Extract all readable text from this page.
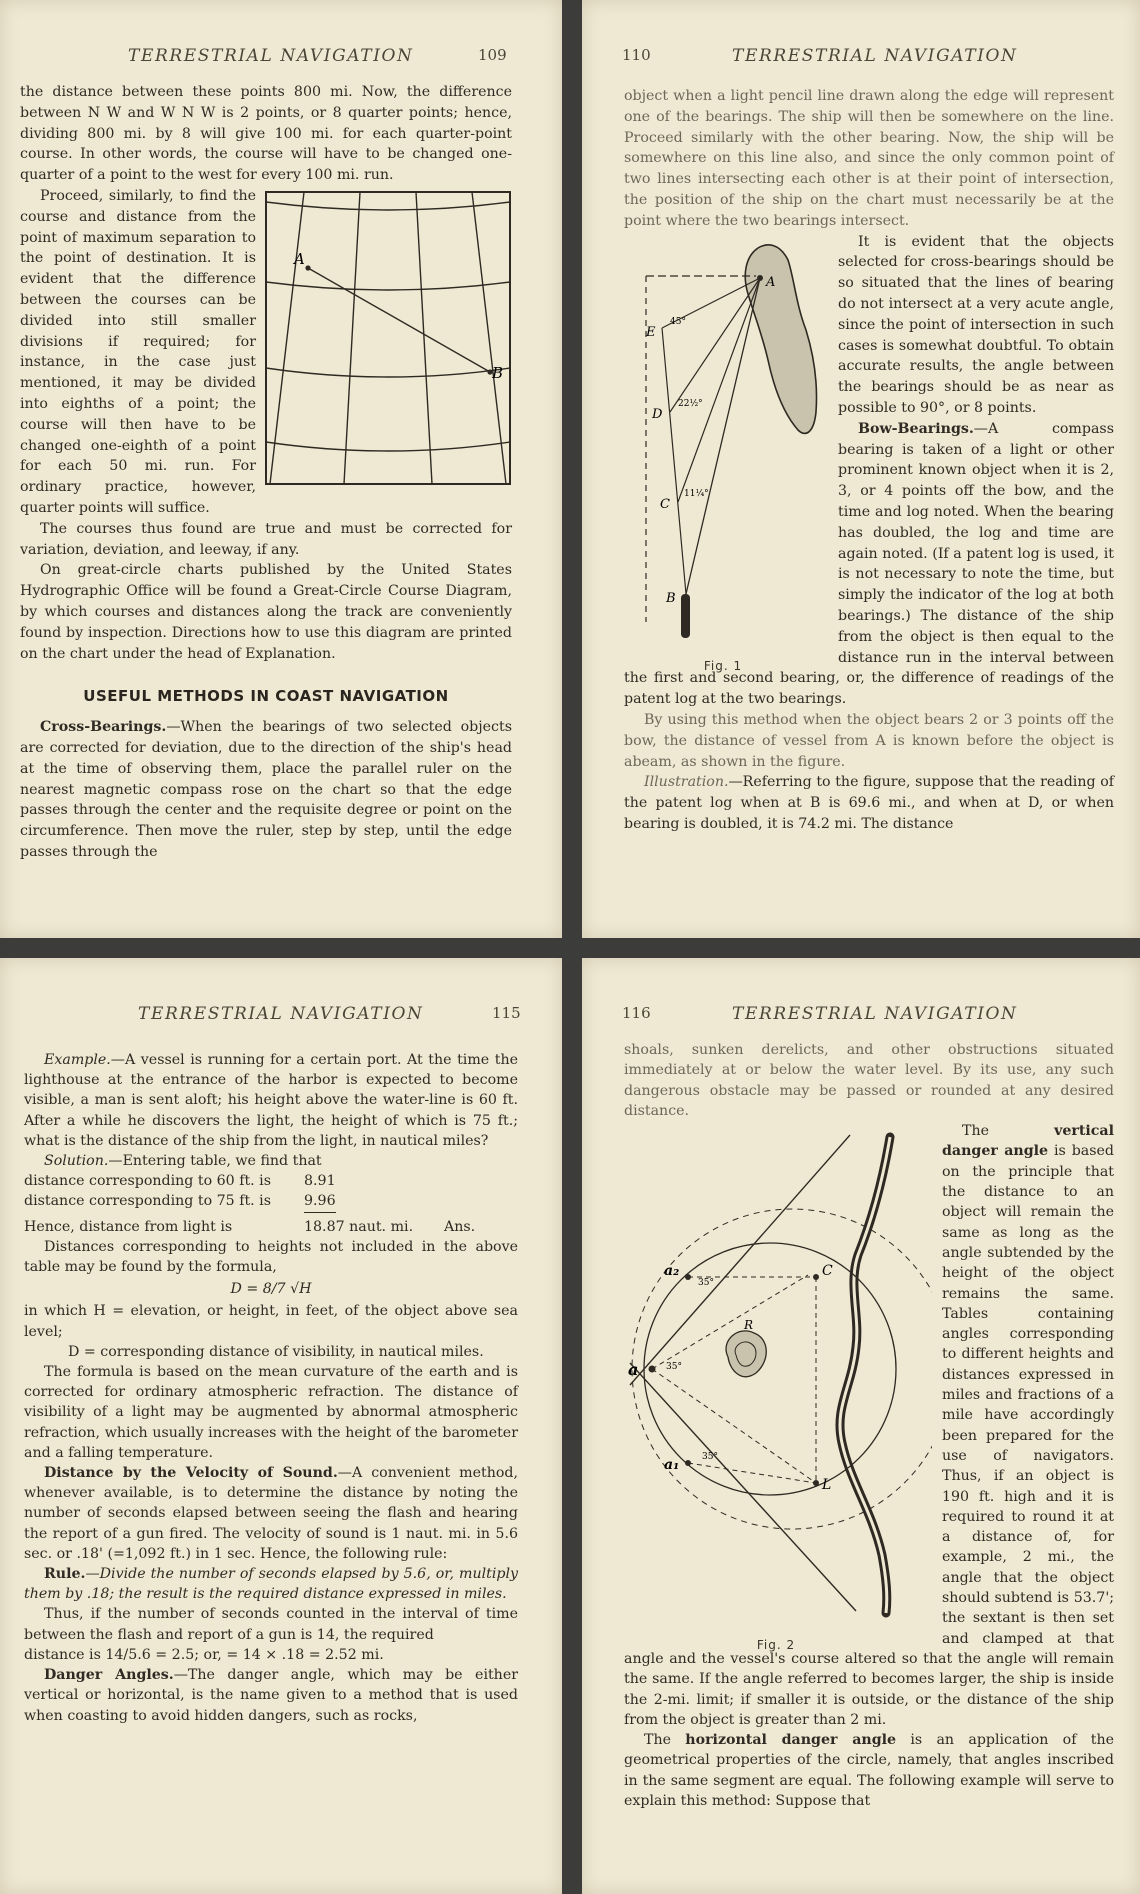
TERRESTRIAL NAVIGATION	109

the distance between these points 800 mi. Now, the difference between N W and W N W is 2 points, or 8 quarter points; hence, dividing 800 mi. by 8 will give 100 mi. for each quarter-point course. In other words, the course will have to be changed one-quarter of a point to the west for every 100 mi. run.

A
B

Proceed, similarly, to find the course and distance from the point of maximum separation to the point of destination. It is evident that the difference between the courses can be divided into still smaller divisions if required; for instance, in the case just mentioned, it may be divided into eighths of a point; the course will then have to be changed one-eighth of a point for each 50 mi. run. For ordinary practice, however, quarter points will suffice.

The courses thus found are true and must be corrected for variation, deviation, and leeway, if any.

On great-circle charts published by the United States Hydrographic Office will be found a Great-Circle Course Diagram, by which courses and distances along the track are conveniently found by inspection. Directions how to use this diagram are printed on the chart under the head of Explanation.

USEFUL METHODS IN COAST NAVIGATION

Cross-Bearings.—When the bearings of two selected objects are corrected for deviation, due to the direction of the ship's head at the time of observing them, place the parallel ruler on the nearest magnetic compass rose on the chart so that the edge passes through the center and the requisite degree or point on the circumference. Then move the ruler, step by step, until the edge passes through the

110	TERRESTRIAL NAVIGATION

object when a light pencil line drawn along the edge will represent one of the bearings. The ship will then be somewhere on the line. Proceed similarly with the other bearing. Now, the ship will be somewhere on this line also, and since the only common point of two lines intersecting each other is at their point of intersection, the position of the ship on the chart must necessarily be at the point where the two bearings intersect.

A
B
C
D
E
45°
22½°
11¼°
Fig. 1

It is evident that the objects selected for cross-bearings should be so situated that the lines of bearing do not intersect at a very acute angle, since the point of intersection in such cases is somewhat doubtful. To obtain accurate results, the angle between the bearings should be as near as possible to 90°, or 8 points.

Bow-Bearings.—A compass bearing is taken of a light or other prominent known object when it is 2, 3, or 4 points off the bow, and the time and log noted. When the bearing has doubled, the log and time are again noted. (If a patent log is used, it is not necessary to note the time, but simply the indicator of the log at both bearings.) The distance of the ship from the object is then equal to the distance run in the interval between the first and second bearing, or, the difference of readings of the patent log at the two bearings.

By using this method when the object bears 2 or 3 points off the bow, the distance of vessel from A is known before the object is abeam, as shown in the figure.

Illustration.—Referring to the figure, suppose that the reading of the patent log when at B is 69.6 mi., and when at D, or when bearing is doubled, it is 74.2 mi. The distance

TERRESTRIAL NAVIGATION	115

Example.—A vessel is running for a certain port. At the time the lighthouse at the entrance of the harbor is expected to become visible, a man is sent aloft; his height above the water-line is 60 ft. After a while he discovers the light, the height of which is 75 ft.; what is the distance of the ship from the light, in nautical miles?

Solution.—Entering table, we find that

distance corresponding to 60 ft. is	8.91
distance corresponding to 75 ft. is	9.96
Hence, distance from light is	18.87 naut. mi.	Ans.

Distances corresponding to heights not included in the above table may be found by the formula,

D = 8/7 √H

in which H = elevation, or height, in feet, of the object above sea level;

D = corresponding distance of visibility, in nautical miles.

The formula is based on the mean curvature of the earth and is corrected for ordinary atmospheric refraction. The distance of visibility of a light may be augmented by abnormal atmospheric refraction, which usually increases with the height of the barometer and a falling temperature.

Distance by the Velocity of Sound.—A convenient method, whenever available, is to determine the distance by noting the number of seconds elapsed between seeing the flash and hearing the report of a gun fired. The velocity of sound is 1 naut. mi. in 5.6 sec. or .18' (=1,092 ft.) in 1 sec. Hence, the following rule:

Rule.—Divide the number of seconds elapsed by 5.6, or, multiply them by .18; the result is the required distance expressed in miles.

Thus, if the number of seconds counted in the interval of time between the flash and report of a gun is 14, the required

distance is 14/5.6 = 2.5; or, = 14 × .18 = 2.52 mi.

Danger Angles.—The danger angle, which may be either vertical or horizontal, is the name given to a method that is used when coasting to avoid hidden dangers, such as rocks,

116	TERRESTRIAL NAVIGATION

shoals, sunken derelicts, and other obstructions situated immediately at or below the water level. By its use, any such dangerous obstacle may be passed or rounded at any desired distance.

a
a₂
a₁
C
L
R
35°
35°
35°
Fig. 2

The vertical danger angle is based on the principle that the distance to an object will remain the same as long as the angle subtended by the height of the object remains the same. Tables containing angles corresponding to different heights and distances expressed in miles and fractions of a mile have accordingly been prepared for the use of navigators. Thus, if an object is 190 ft. high and it is required to round it at a distance of, for example, 2 mi., the angle that the object should subtend is 53.7'; the sextant is then set and clamped at that angle and the vessel's course altered so that the angle will remain the same. If the angle referred to becomes larger, the ship is inside the 2-mi. limit; if smaller it is outside, or the distance of the ship from the object is greater than 2 mi.

The horizontal danger angle is an application of the geometrical properties of the circle, namely, that angles inscribed in the same segment are equal. The following example will serve to explain this method: Suppose that
